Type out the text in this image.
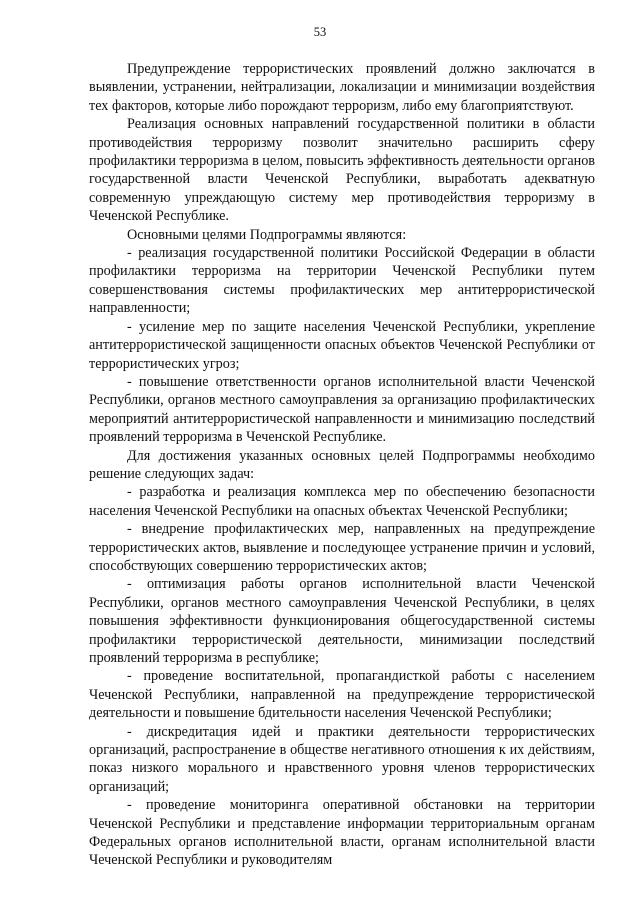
53

Предупреждение террористических проявлений должно заключатся в выявлении, устранении, нейтрализации, локализации и минимизации воздействия тех факторов, которые либо порождают терроризм, либо ему благоприятствуют.

Реализация основных направлений государственной политики в области противодействия терроризму позволит значительно расширить сферу профилактики терроризма в целом, повысить эффективность деятельности органов государственной власти Чеченской Республики, выработать адекватную современную упреждающую систему мер противодействия терроризму в Чеченской Республике.

Основными целями Подпрограммы являются:

- реализация государственной политики Российской Федерации в области профилактики терроризма на территории Чеченской Республики путем совершенствования системы профилактических мер антитеррористической направленности;

- усиление мер по защите населения Чеченской Республики, укрепление антитеррористической защищенности опасных объектов Чеченской Республики от террористических угроз;

- повышение ответственности органов исполнительной власти Чеченской Республики, органов местного самоуправления за организацию профилактических мероприятий антитеррористической направленности и минимизацию последствий проявлений терроризма в Чеченской Республике.

Для достижения указанных основных целей Подпрограммы необходимо решение следующих задач:

- разработка и реализация комплекса мер по обеспечению безопасности населения Чеченской Республики на опасных объектах Чеченской Республики;

- внедрение профилактических мер, направленных на предупреждение террористических актов, выявление и последующее устранение причин и условий, способствующих совершению террористических актов;

- оптимизация работы органов исполнительной власти Чеченской Республики, органов местного самоуправления Чеченской Республики, в целях повышения эффективности функционирования общегосударственной системы профилактики террористической деятельности, минимизации последствий проявлений терроризма в республике;

- проведение воспитательной, пропагандисткой работы с населением Чеченской Республики, направленной на предупреждение террористической деятельности и повышение бдительности населения Чеченской Республики;

- дискредитация идей и практики деятельности террористических организаций, распространение в обществе негативного отношения к их действиям, показ низкого морального и нравственного уровня членов террористических организаций;

- проведение мониторинга оперативной обстановки на территории Чеченской Республики и представление информации территориальным органам Федеральных органов исполнительной власти, органам исполнительной власти Чеченской Республики и руководителям
